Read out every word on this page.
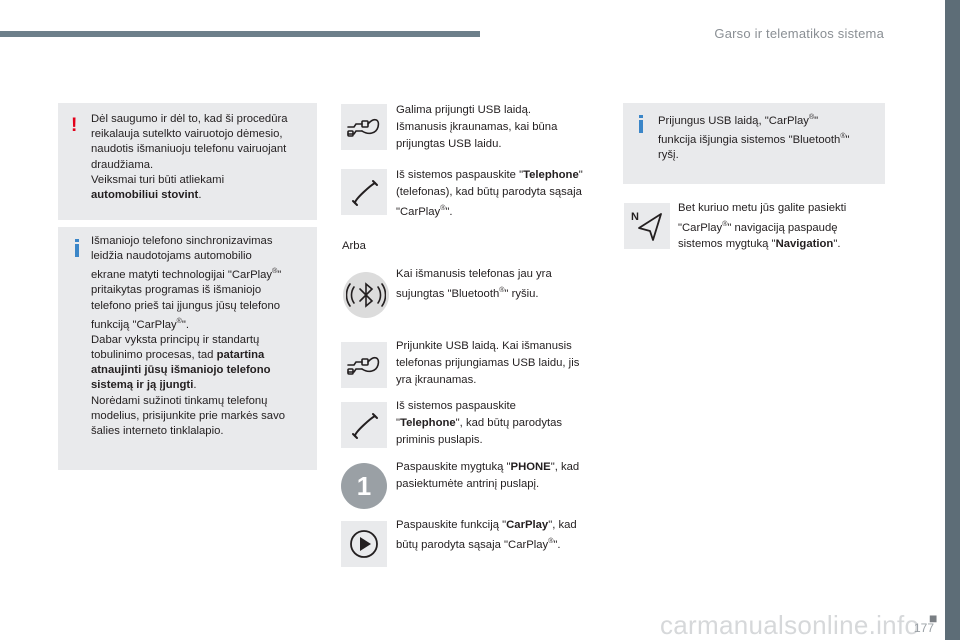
Garso ir telematikos sistema
! Dėl saugumo ir dėl to, kad ši procedūra
reikalauja sutelkto vairuotojo dėmesio,
naudotis išmaniuoju telefonu vairuojant
draudžiama.
Veiksmai turi būti atliekami
automobiliui stovint.
Išmaniojo telefono sinchronizavimas
leidžia naudotojams automobilio
ekrane matyti technologijai "CarPlay®"
pritaikytas programas iš išmaniojo
telefono prieš tai įjungus jūsų telefono
funkciją "CarPlay®".
Dabar vyksta principų ir standartų
tobulinimo procesas, tad patartina
atnaujinti jūsų išmaniojo telefono
sistemą ir ją įjungti.
Norėdami sužinoti tinkamų telefonų
modelius, prisijunkite prie markės savo
šalies interneto tinklalapio.
Galima prijungti USB laidą.
Išmanusis įkraunamas, kai būna
prijungtas USB laidu.
Iš sistemos paspauskite "Telephone"
(telefonas), kad būtų parodyta sąsaja
"CarPlay®".
Arba
Kai išmanusis telefonas jau yra
sujungtas "Bluetooth®" ryšiu.
Prijunkite USB laidą. Kai išmanusis
telefonas prijungiamas USB laidu, jis
yra įkraunamas.
Iš sistemos paspauskite
"Telephone", kad būtų parodytas
priminis puslapis.
1
Paspauskite mygtuką "PHONE", kad
pasiektumėte antrinį puslapį.
Paspauskite funkciją "CarPlay", kad
būtų parodyta sąsaja "CarPlay®".
Prijungus USB laidą, "CarPlay®"
funkcija išjungia sistemos "Bluetooth®"
ryšį.
N
Bet kuriuo metu jūs galite pasiekti
"CarPlay®" navigaciją paspaudę
sistemos mygtuką "Navigation".
carmanualsonline.info ■
177
